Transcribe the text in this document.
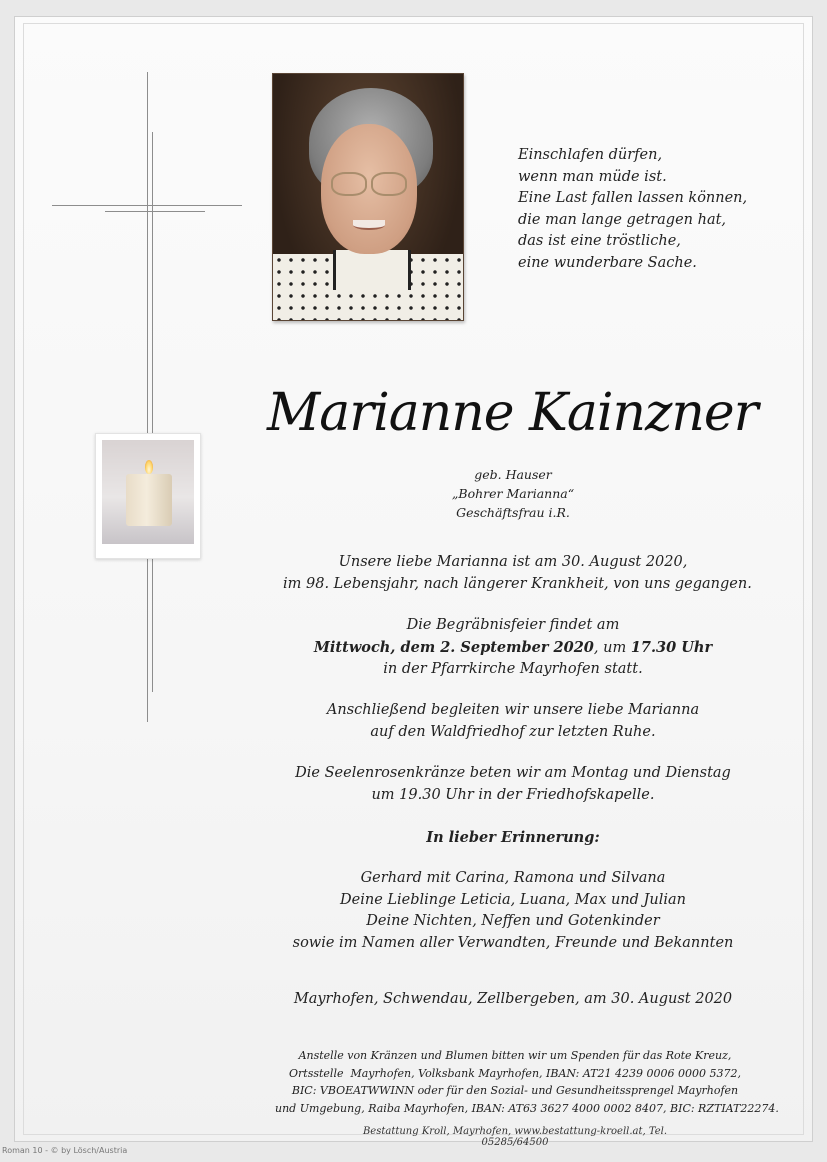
Einschlafen dürfen,
wenn man müde ist.
Eine Last fallen lassen können,
die man lange getragen hat,
das ist eine tröstliche,
eine wunderbare Sache.
Marianne Kainzner
geb. Hauser
„Bohrer Marianna“
Geschäftsfrau i.R.
Unsere liebe Marianna ist am 30. August 2020,
im 98. Lebensjahr, nach längerer Krankheit, von uns gegangen.
Die Begräbnisfeier findet am
Mittwoch, dem 2. September 2020, um 17.30 Uhr
in der Pfarrkirche Mayrhofen statt.
Anschließend begleiten wir unsere liebe Marianna
auf den Waldfriedhof zur letzten Ruhe.
Die Seelenrosenkränze beten wir am Montag und Dienstag
um 19.30 Uhr in der Friedhofskapelle.
In lieber Erinnerung:
Gerhard mit Carina, Ramona und Silvana
Deine Lieblinge Leticia, Luana, Max und Julian
Deine Nichten, Neffen und Gotenkinder
sowie im Namen aller Verwandten, Freunde und Bekannten
Mayrhofen, Schwendau, Zellbergeben, am 30. August 2020
Anstelle von Kränzen und Blumen bitten wir um Spenden für das Rote Kreuz,
Ortsstelle  Mayrhofen, Volksbank Mayrhofen, IBAN: AT21 4239 0006 0000 5372,
BIC: VBOEATWWINN oder für den Sozial- und Gesundheitssprengel Mayrhofen
und Umgebung, Raiba Mayrhofen, IBAN: AT63 3627 4000 0002 8407, BIC: RZTIAT22274.
Bestattung Kroll, Mayrhofen, www.bestattung-kroell.at, Tel. 05285/64500
Roman 10 - © by Lösch/Austria
